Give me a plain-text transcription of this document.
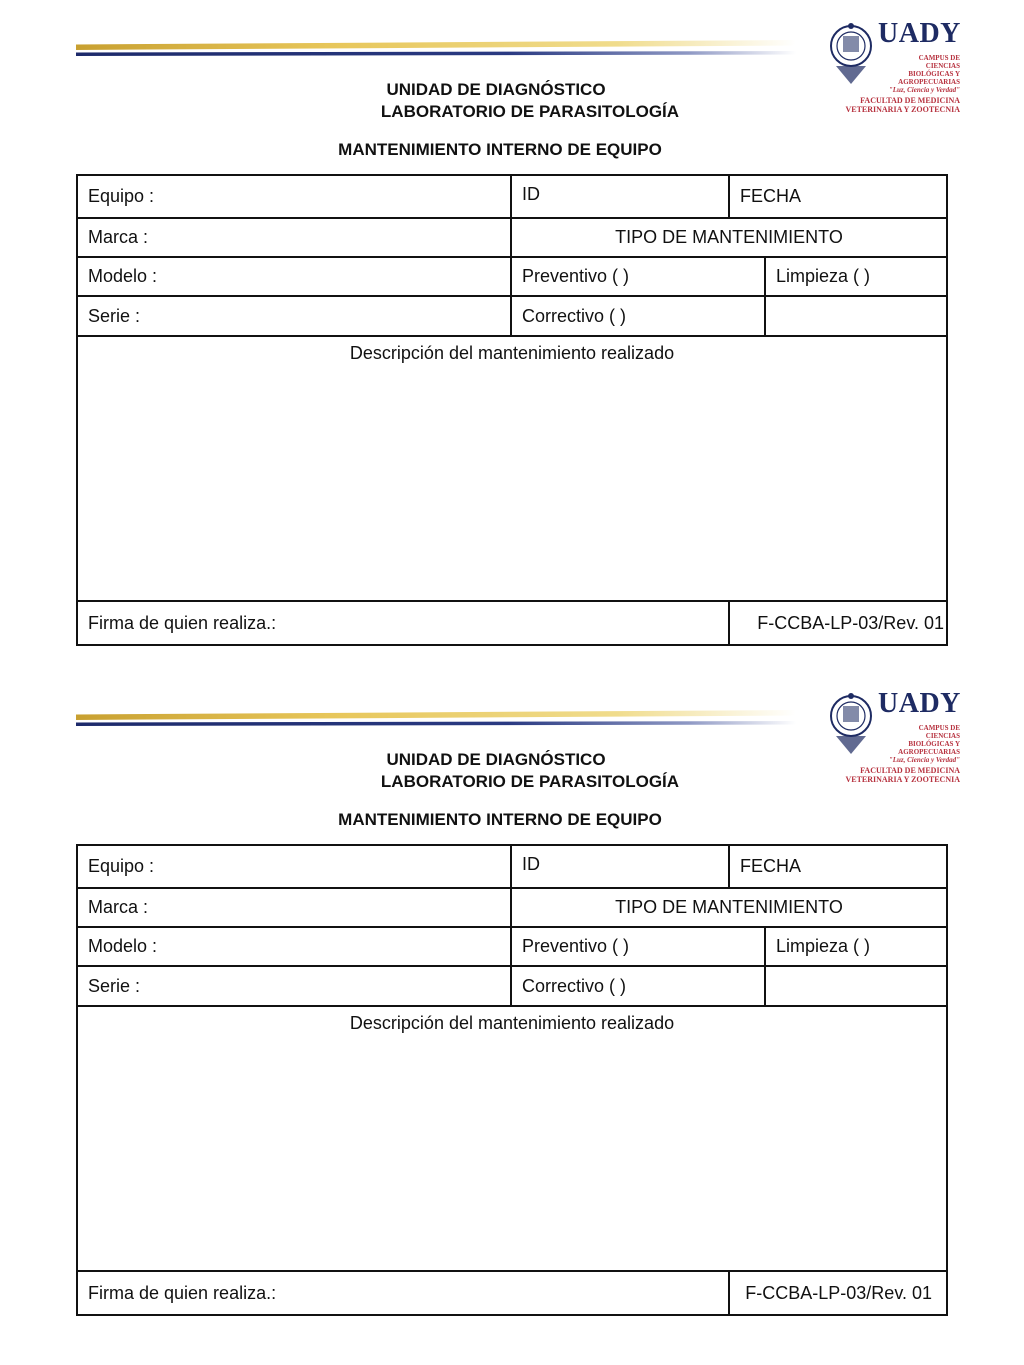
UADY
CAMPUS DE
CIENCIAS
BIOLÓGICAS Y
AGROPECUARIAS
"Luz, Ciencia y Verdad"
FACULTAD DE MEDICINA
VETERINARIA Y ZOOTECNIA
UNIDAD DE DIAGNÓSTICO
LABORATORIO DE PARASITOLOGÍA
MANTENIMIENTO INTERNO DE EQUIPO
Equipo :	ID	FECHA	
Marca :	TIPO DE MANTENIMIENTO		
Modelo :	Preventivo ( )		Limpieza ( )
Serie :	Correctivo ( )		
Descripción del mantenimiento realizado			
Firma de quien realiza.:		F-CCBA-LP-03/Rev. 01	
UADY
CAMPUS DE
CIENCIAS
BIOLÓGICAS Y
AGROPECUARIAS
"Luz, Ciencia y Verdad"
FACULTAD DE MEDICINA
VETERINARIA Y ZOOTECNIA
UNIDAD DE DIAGNÓSTICO
LABORATORIO DE PARASITOLOGÍA
MANTENIMIENTO INTERNO DE EQUIPO
Equipo :	ID	FECHA	
Marca :	TIPO DE MANTENIMIENTO		
Modelo :	Preventivo ( )		Limpieza ( )
Serie :	Correctivo ( )		
Descripción del mantenimiento realizado			
Firma de quien realiza.:		F-CCBA-LP-03/Rev. 01	
